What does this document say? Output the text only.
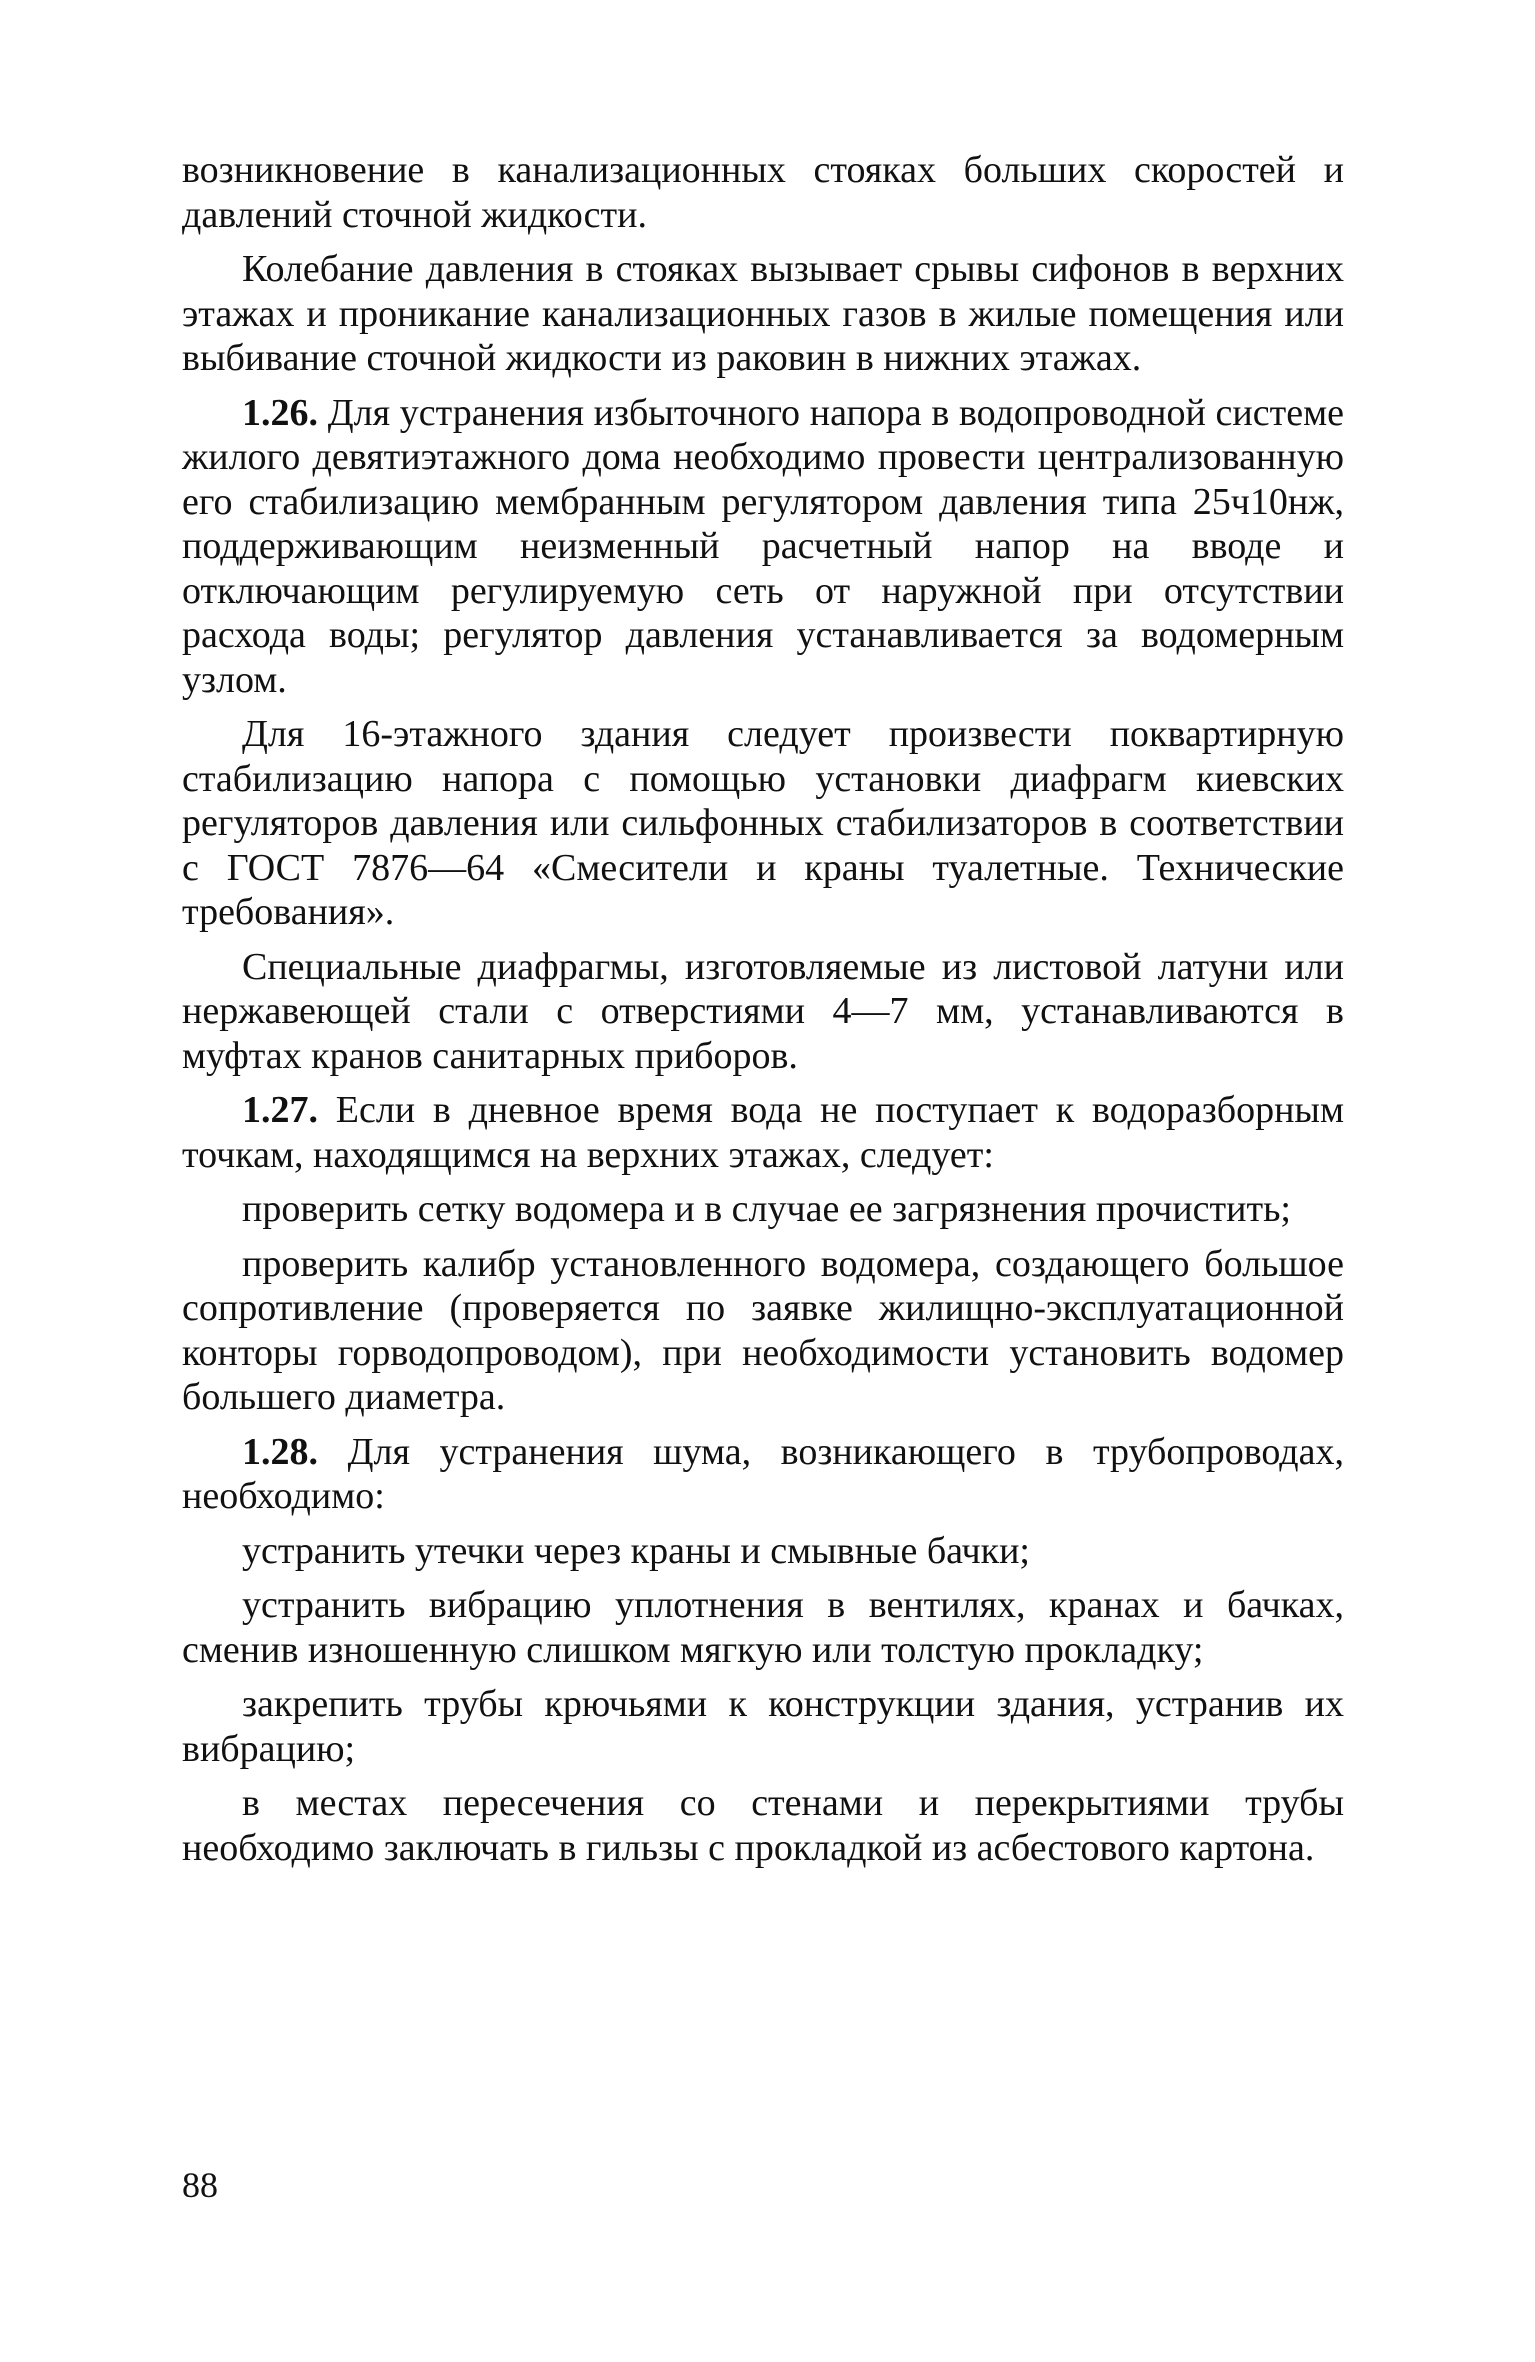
возникновение в канализационных стояках больших скоростей и давлений сточной жидкости.

Колебание давления в стояках вызывает срывы сифонов в верхних этажах и проникание канализационных газов в жилые помещения или выбивание сточной жидкости из раковин в нижних этажах.

1.26. Для устранения избыточного напора в водопроводной системе жилого девятиэтажного дома необходимо провести централизованную его стабилизацию мембранным регулятором давления типа 25ч10нж, поддерживающим неизменный расчетный напор на вводе и отключающим регулируемую сеть от наружной при отсутствии расхода воды; регулятор давления устанавливается за водомерным узлом.

Для 16-этажного здания следует произвести поквартирную стабилизацию напора с помощью установки диафрагм киевских регуляторов давления или сильфонных стабилизаторов в соответствии с ГОСТ 7876—64 «Смесители и краны туалетные. Технические требования».

Специальные диафрагмы, изготовляемые из листовой латуни или нержавеющей стали с отверстиями 4—7 мм, устанавливаются в муфтах кранов санитарных приборов.

1.27. Если в дневное время вода не поступает к водоразборным точкам, находящимся на верхних этажах, следует:

проверить сетку водомера и в случае ее загрязнения прочистить;

проверить калибр установленного водомера, создающего большое сопротивление (проверяется по заявке жилищно-эксплуатационной конторы горводопроводом), при необходимости установить водомер большего диаметра.

1.28. Для устранения шума, возникающего в трубопроводах, необходимо:

устранить утечки через краны и смывные бачки;

устранить вибрацию уплотнения в вентилях, кранах и бачках, сменив изношенную слишком мягкую или толстую прокладку;

закрепить трубы крючьями к конструкции здания, устранив их вибрацию;

в местах пересечения со стенами и перекрытиями трубы необходимо заключать в гильзы с прокладкой из асбестового картона.

88
